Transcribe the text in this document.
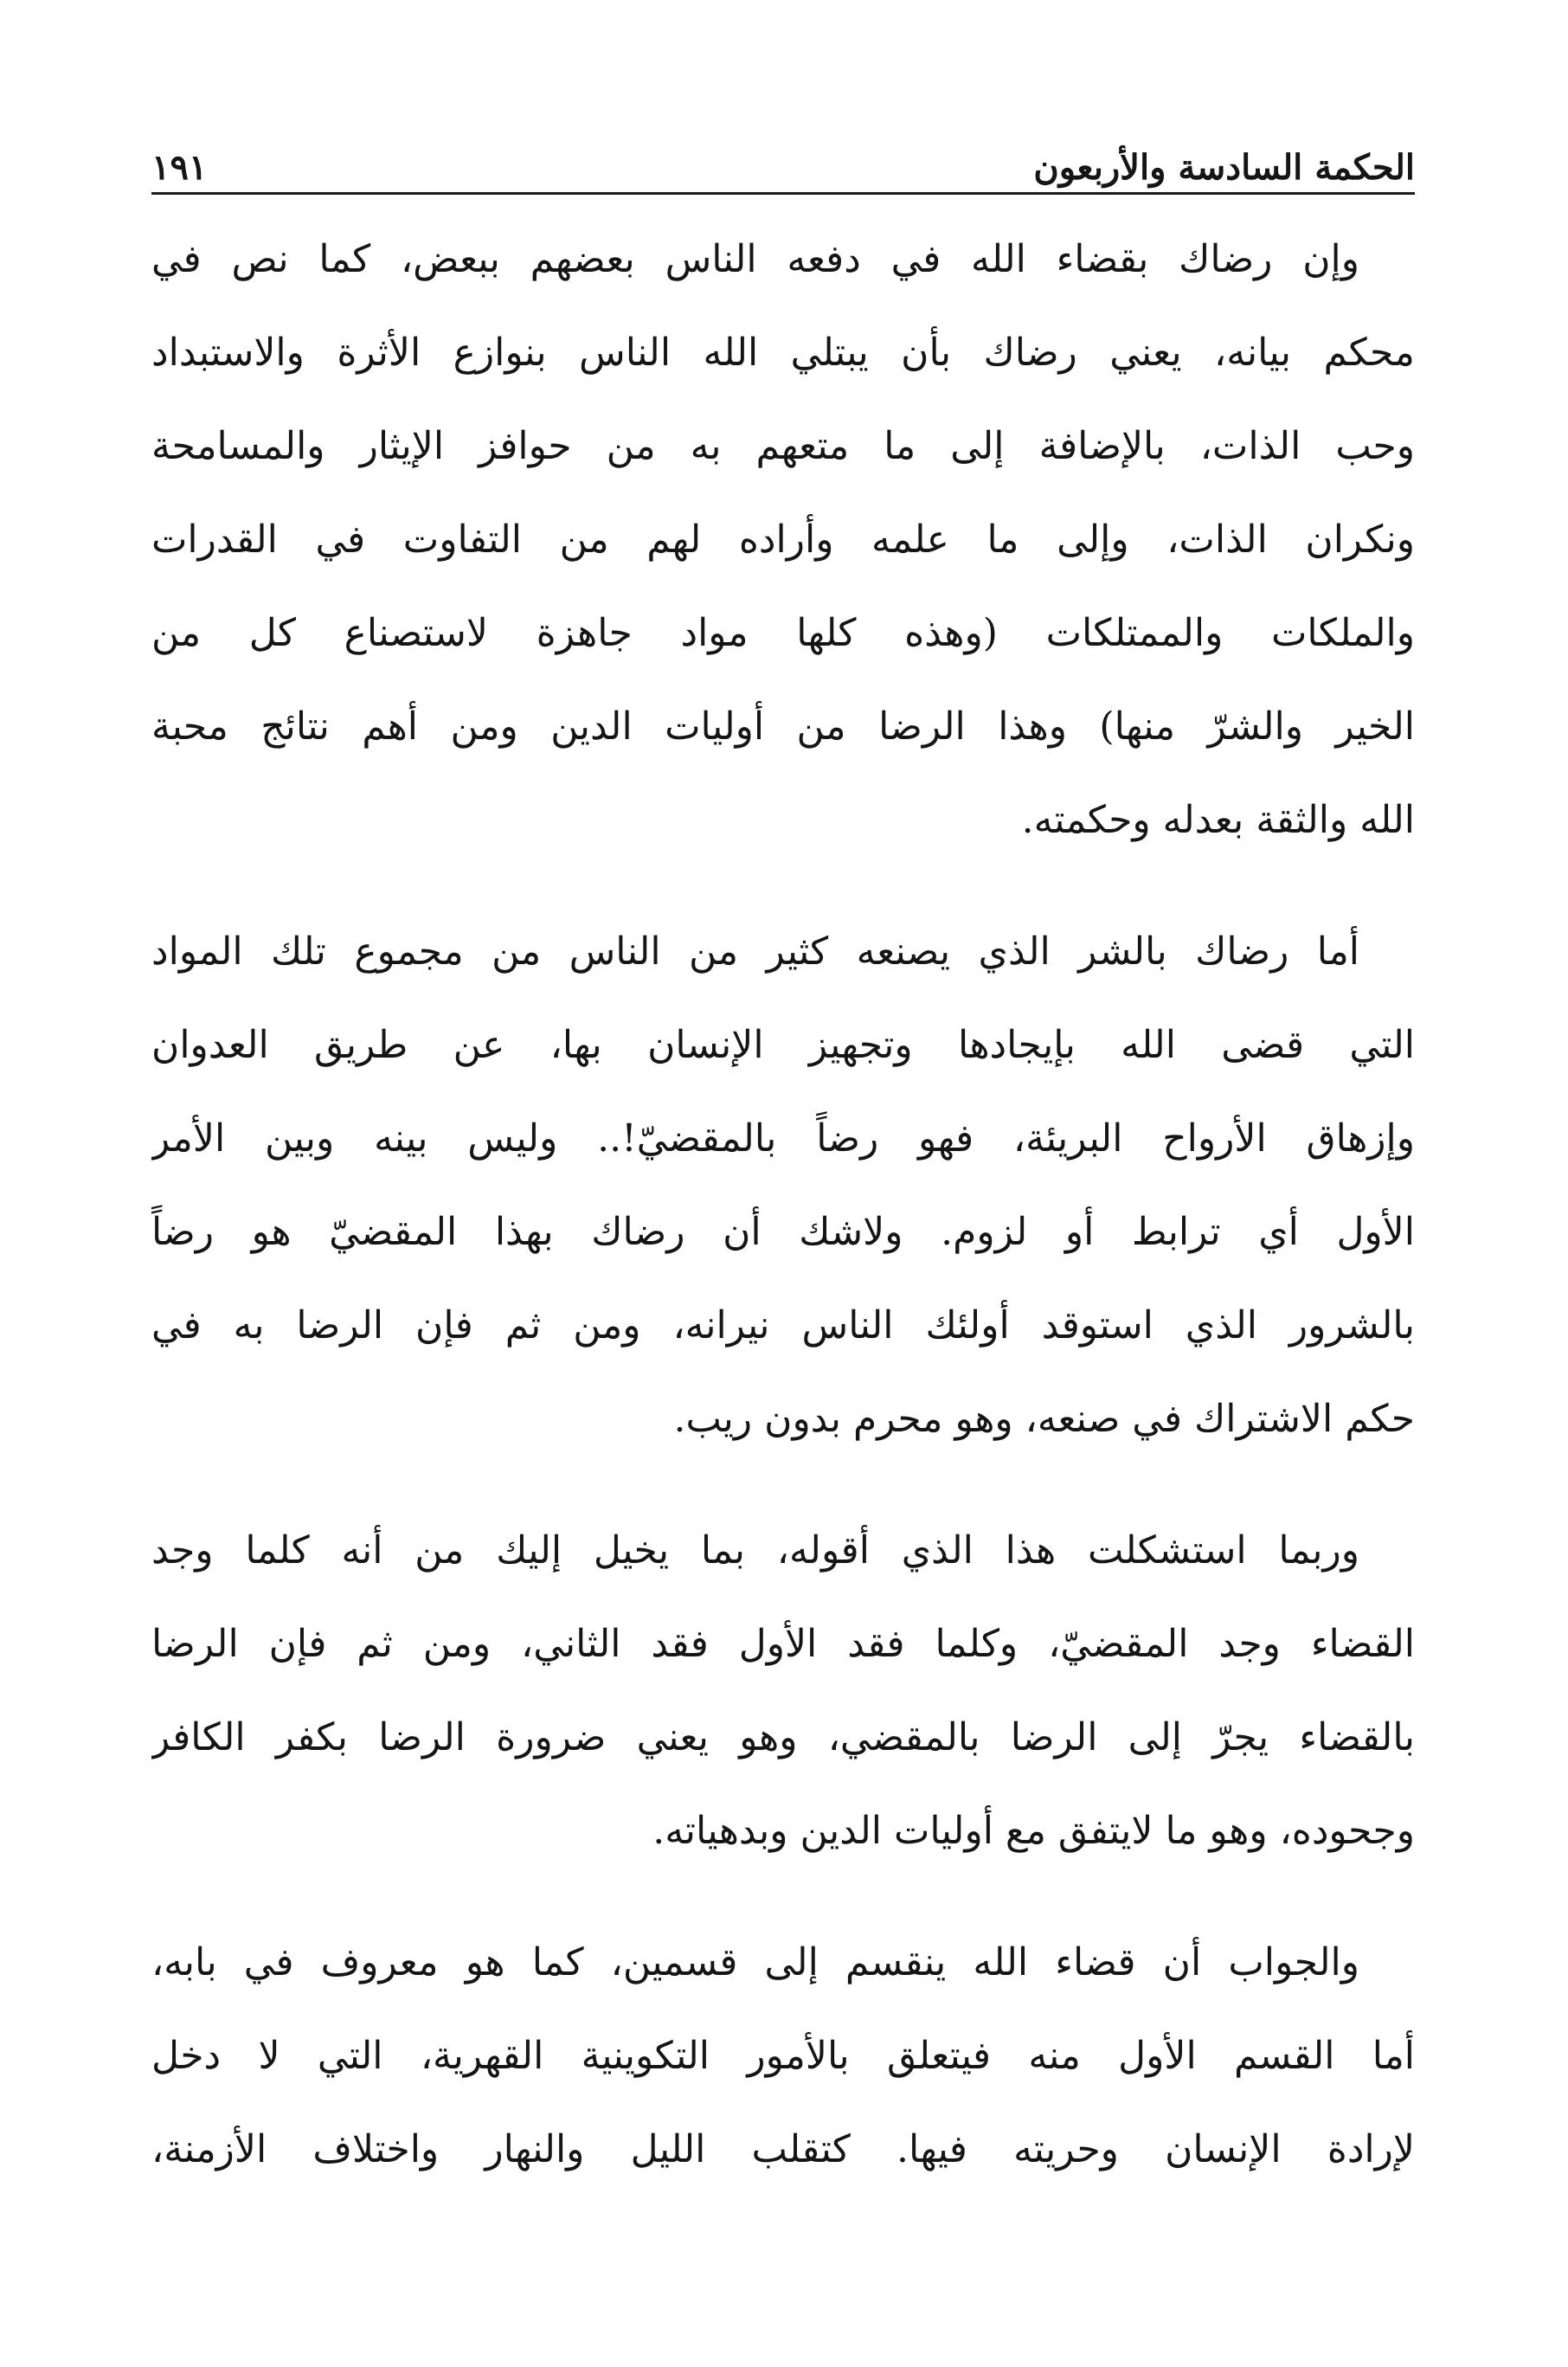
الحكمة السادسة والأربعون
١٩١

وإن رضاك بقضاء الله في دفعه الناس بعضهم ببعض، كما نص في
محكم بيانه، يعني رضاك بأن يبتلي الله الناس بنوازع الأثرة والاستبداد
وحب الذات، بالإضافة إلى ما متعهم به من حوافز الإيثار والمسامحة
ونكران الذات، وإلى ما علمه وأراده لهم من التفاوت في القدرات
والملكات والممتلكات (وهذه كلها مواد جاهزة لاستصناع كل من
الخير والشرّ منها) وهذا الرضا من أوليات الدين ومن أهم نتائج محبة
الله والثقة بعدله وحكمته.

أما رضاك بالشر الذي يصنعه كثير من الناس من مجموع تلك المواد
التي قضى الله بإيجادها وتجهيز الإنسان بها، عن طريق العدوان
وإزهاق الأرواح البريئة، فهو رضاً بالمقضيّ!.. وليس بينه وبين الأمر
الأول أي ترابط أو لزوم. ولاشك أن رضاك بهذا المقضيّ هو رضاً
بالشرور الذي استوقد أولئك الناس نيرانه، ومن ثم فإن الرضا به في
حكم الاشتراك في صنعه، وهو محرم بدون ريب.

وربما استشكلت هذا الذي أقوله، بما يخيل إليك من أنه كلما وجد
القضاء وجد المقضيّ، وكلما فقد الأول فقد الثاني، ومن ثم فإن الرضا
بالقضاء يجرّ إلى الرضا بالمقضي، وهو يعني ضرورة الرضا بكفر الكافر
وجحوده، وهو ما لايتفق مع أوليات الدين وبدهياته.

والجواب أن قضاء الله ينقسم إلى قسمين، كما هو معروف في بابه،
أما القسم الأول منه فيتعلق بالأمور التكوينية القهرية، التي لا دخل
لإرادة الإنسان وحريته فيها. كتقلب الليل والنهار واختلاف الأزمنة،
